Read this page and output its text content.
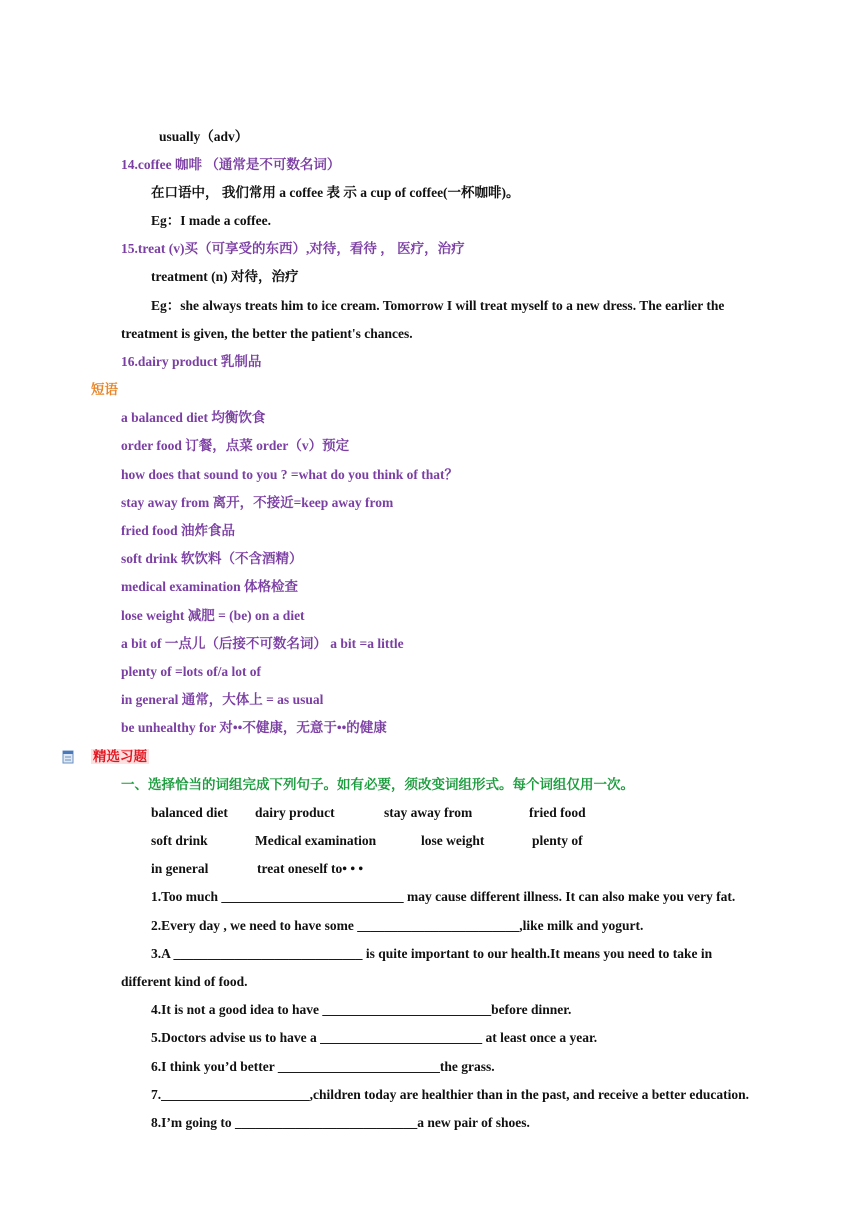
usually（adv）
14.coffee 咖啡 （通常是不可数名词）
在口语中， 我们常用 a coffee 表 示 a cup of coffee(一杯咖啡)。
Eg：I made a coffee.
15.treat (v)买（可享受的东西）,对待，看待 ， 医疗，治疗
treatment (n) 对待，治疗
Eg：she always treats him to ice cream. Tomorrow I will treat myself to a new dress. The earlier the
treatment is given, the better the patient's chances.
16.dairy product 乳制品
短语
a balanced diet 均衡饮食
order food 订餐，点菜 order（v）预定
how does that sound to you ? =what do you think of that？
stay away from 离开，不接近=keep away from
fried food 油炸食品
soft drink 软饮料（不含酒精）
medical examination 体格检查
lose weight 减肥 = (be) on a diet
a bit of 一点儿（后接不可数名词） a bit =a little
plenty of =lots of/a lot of
in general 通常，大体上 = as usual
be unhealthy for 对••不健康，无意于••的健康
精选习题
一、选择恰当的词组完成下列句子。如有必要，须改变词组形式。每个词组仅用一次。
balanced diet dairy product	stay away from	fried food
soft drink	Medical examination	lose weight	plenty of
in general	treat oneself to• • •
1.Too much ___________________________ may cause different illness. It can also make you very fat.
2.Every day , we need to have some ________________________,like milk and yogurt.
3.A ____________________________ is quite important to our health.It means you need to take in
different kind of food.
4.It is not a good idea to have _________________________before dinner.
5.Doctors advise us to have a ________________________ at least once a year.
6.I think you’d better ________________________the grass.
7.______________________,children today are healthier than in the past, and receive a better education.
8.I’m going to ___________________________a new pair of shoes.
